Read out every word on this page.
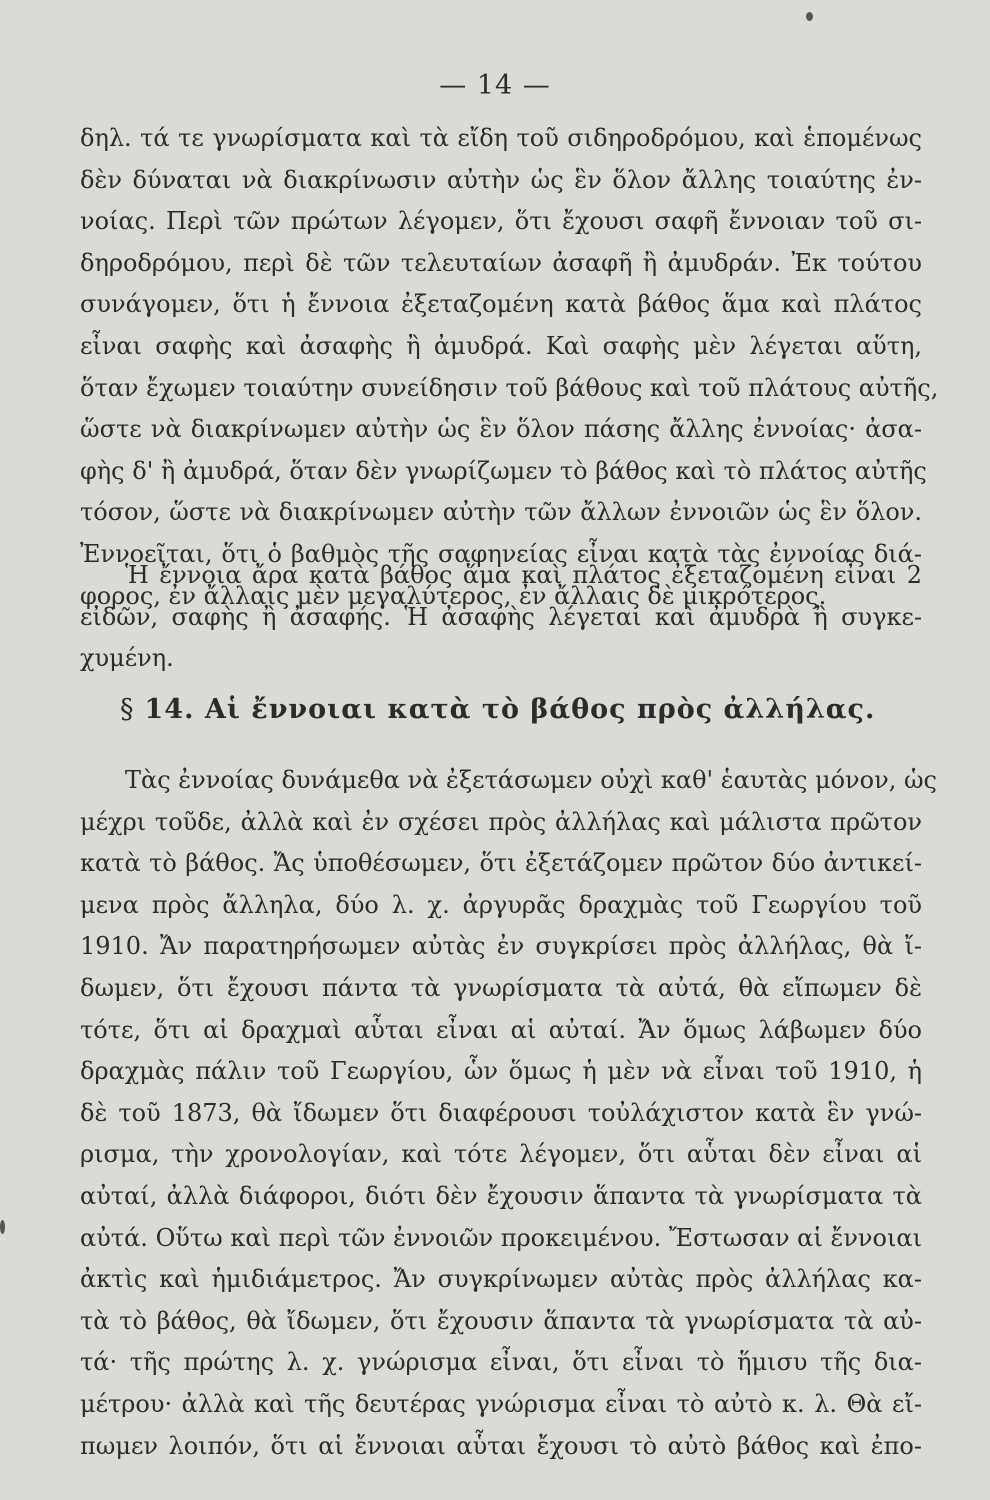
— 14 —
δηλ. τά τε γνωρίσματα καὶ τὰ εἴδη τοῦ σιδηροδρόμου, καὶ ἑπομένως
δὲν δύναται νὰ διακρίνωσιν αὐτὴν ὡς ἓν ὅλον ἄλλης τοιαύτης ἐν-
νοίας. Περὶ τῶν πρώτων λέγομεν, ὅτι ἔχουσι σαφῆ ἔννοιαν τοῦ σι-
δηροδρόμου, περὶ δὲ τῶν τελευταίων ἀσαφῆ ἢ ἀμυδράν. Ἐκ τούτου
συνάγομεν, ὅτι ἡ ἔννοια ἐξεταζομένη κατὰ βάθος ἅμα καὶ πλάτος
εἶναι σαφὴς καὶ ἀσαφὴς ἢ ἀμυδρά. Καὶ σαφὴς μὲν λέγεται αὕτη,
ὅταν ἔχωμεν τοιαύτην συνείδησιν τοῦ βάθους καὶ τοῦ πλάτους αὐτῆς,
ὥστε νὰ διακρίνωμεν αὐτὴν ὡς ἓν ὅλον πάσης ἄλλης ἐννοίας· ἀσα-
φὴς δ' ἢ ἀμυδρά, ὅταν δὲν γνωρίζωμεν τὸ βάθος καὶ τὸ πλάτος αὐτῆς
τόσον, ὥστε νὰ διακρίνωμεν αὐτὴν τῶν ἄλλων ἐννοιῶν ὡς ἓν ὅλον.
Ἐννοεῖται, ὅτι ὁ βαθμὸς τῆς σαφηνείας εἶναι κατὰ τὰς ἐννοίας διά-
φορος, ἐν ἄλλαις μὲν μεγαλύτερος, ἐν ἄλλαις δὲ μικρότερος.
Ἡ ἔννοια ἄρα κατὰ βάθος ἅμα καὶ πλάτος ἐξεταζομένη εἶναι 2
εἰδῶν, σαφὴς ἢ ἀσαφής. Ἡ ἀσαφὴς λέγεται καὶ ἀμυδρὰ ἢ συγκε-
χυμένη.
§ 14. Αἱ ἔννοιαι κατὰ τὸ βάθος πρὸς ἀλλήλας.
Τὰς ἐννοίας δυνάμεθα νὰ ἐξετάσωμεν οὐχὶ καθ' ἑαυτὰς μόνον, ὡς
μέχρι τοῦδε, ἀλλὰ καὶ ἐν σχέσει πρὸς ἀλλήλας καὶ μάλιστα πρῶτον
κατὰ τὸ βάθος. Ἄς ὑποθέσωμεν, ὅτι ἐξετάζομεν πρῶτον δύο ἀντικεί-
μενα πρὸς ἄλληλα, δύο λ. χ. ἀργυρᾶς δραχμὰς τοῦ Γεωργίου τοῦ
1910. Ἄν παρατηρήσωμεν αὐτὰς ἐν συγκρίσει πρὸς ἀλλήλας, θὰ ἴ-
δωμεν, ὅτι ἔχουσι πάντα τὰ γνωρίσματα τὰ αὐτά, θὰ εἴπωμεν δὲ
τότε, ὅτι αἱ δραχμαὶ αὗται εἶναι αἱ αὐταί. Ἄν ὅμως λάβωμεν δύο
δραχμὰς πάλιν τοῦ Γεωργίου, ὧν ὅμως ἡ μὲν νὰ εἶναι τοῦ 1910, ἡ
δὲ τοῦ 1873, θὰ ἴδωμεν ὅτι διαφέρουσι τοὐλάχιστον κατὰ ἓν γνώ-
ρισμα, τὴν χρονολογίαν, καὶ τότε λέγομεν, ὅτι αὗται δὲν εἶναι αἱ
αὐταί, ἀλλὰ διάφοροι, διότι δὲν ἔχουσιν ἅπαντα τὰ γνωρίσματα τὰ
αὐτά. Οὕτω καὶ περὶ τῶν ἐννοιῶν προκειμένου. Ἔστωσαν αἱ ἔννοιαι
ἀκτὶς καὶ ἡμιδιάμετρος. Ἄν συγκρίνωμεν αὐτὰς πρὸς ἀλλήλας κα-
τὰ τὸ βάθος, θὰ ἴδωμεν, ὅτι ἔχουσιν ἅπαντα τὰ γνωρίσματα τὰ αὐ-
τά· τῆς πρώτης λ. χ. γνώρισμα εἶναι, ὅτι εἶναι τὸ ἥμισυ τῆς δια-
μέτρου· ἀλλὰ καὶ τῆς δευτέρας γνώρισμα εἶναι τὸ αὐτὸ κ. λ. Θὰ εἴ-
πωμεν λοιπόν, ὅτι αἱ ἔννοιαι αὗται ἔχουσι τὸ αὐτὸ βάθος καὶ ἐπο-
